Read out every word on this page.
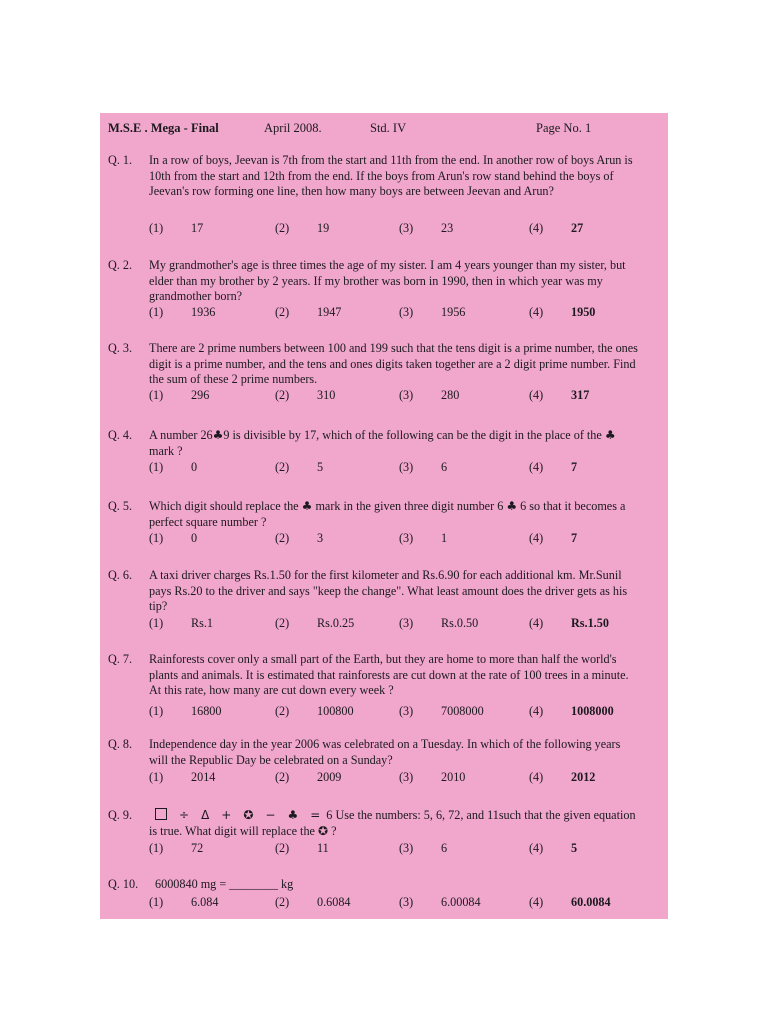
M.S.E . Mega - Final	April 2008.	Std. IV	Page No. 1
Q. 1. In a row of boys, Jeevan is 7th from the start and 11th from the end. In another row of boys Arun is 10th from the start and 12th from the end. If the boys from Arun's row stand behind the boys of Jeevan's row forming one line, then how many boys are between Jeevan and Arun?
(1) 17	(2) 19	(3) 23	(4) 27
Q. 2. My grandmother's age is three times the age of my sister. I am 4 years younger than my sister, but elder than my brother by 2 years. If my brother was born in 1990, then in which year was my grandmother born?
(1) 1936	(2) 1947	(3) 1956	(4) 1950
Q. 3. There are 2 prime numbers between 100 and 199 such that the tens digit is a prime number, the ones digit is a prime number, and the tens and ones digits taken together are a 2 digit prime number. Find the sum of these 2 prime numbers.
(1) 296	(2) 310	(3) 280	(4) 317
Q. 4. A number 26♣9 is divisible by 17, which of the following can be the digit in the place of the ♣ mark ?
(1) 0	(2) 5	(3) 6	(4) 7
Q. 5. Which digit should replace the ♣ mark in the given three digit number 6 ♣ 6 so that it becomes a perfect square number ?
(1) 0	(2) 3	(3) 1	(4) 7
Q. 6. A taxi driver charges Rs.1.50 for the first kilometer and Rs.6.90 for each additional km. Mr.Sunil pays Rs.20 to the driver and says "keep the change". What least amount does the driver gets as his tip?
(1) Rs.1	(2) Rs.0.25	(3) Rs.0.50	(4) Rs.1.50
Q. 7. Rainforests cover only a small part of the Earth, but they are home to more than half the world's plants and animals. It is estimated that rainforests are cut down at the rate of 100 trees in a minute. At this rate, how many are cut down every week ?
(1) 16800	(2) 100800	(3) 7008000	(4) 1008000
Q. 8. Independence day in the year 2006 was celebrated on a Tuesday. In which of the following years will the Republic Day be celebrated on a Sunday?
(1) 2014	(2) 2009	(3) 2010	(4) 2012
Q. 9.	÷ Δ + ✪ − ♣ = 6 Use the numbers: 5, 6, 72, and 11such that the given equation is true. What digit will replace the ✪ ?
(1) 72	(2) 11	(3) 6	(4) 5
Q. 10. 6000840 mg = ________ kg
(1) 6.084	(2) 0.6084	(3) 6.00084	(4) 60.0084
